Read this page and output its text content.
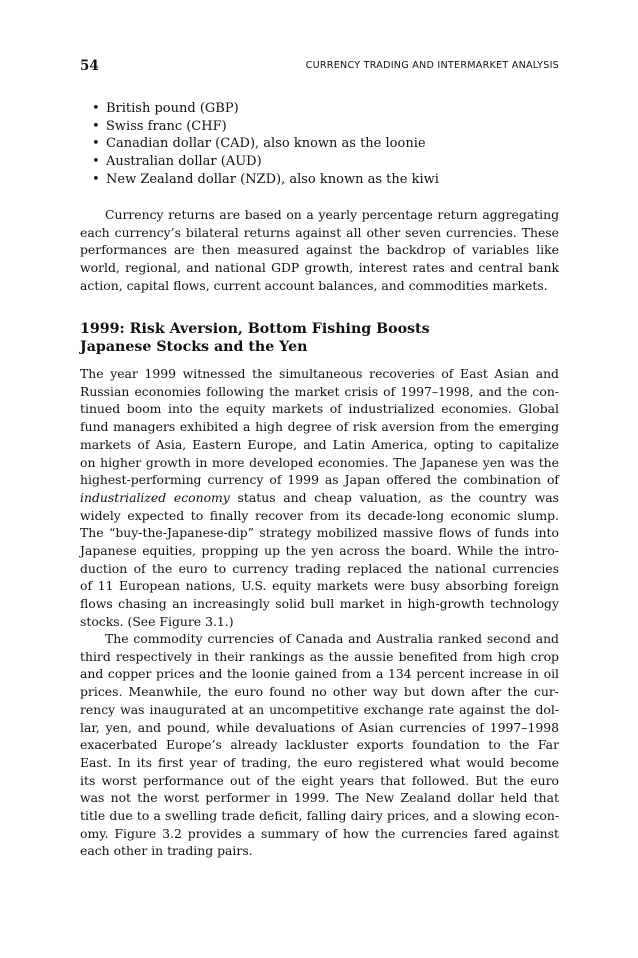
54	CURRENCY TRADING AND INTERMARKET ANALYSIS
• British pound (GBP)
• Swiss franc (CHF)
• Canadian dollar (CAD), also known as the loonie
• Australian dollar (AUD)
• New Zealand dollar (NZD), also known as the kiwi

Currency returns are based on a yearly percentage return aggregating
each currency’s bilateral returns against all other seven currencies. These
performances are then measured against the backdrop of variables like
world, regional, and national GDP growth, interest rates and central bank
action, capital flows, current account balances, and commodities markets.

1999: Risk Aversion, Bottom Fishing Boosts
Japanese Stocks and the Yen

The year 1999 witnessed the simultaneous recoveries of East Asian and
Russian economies following the market crisis of 1997–1998, and the con-
tinued boom into the equity markets of industrialized economies. Global
fund managers exhibited a high degree of risk aversion from the emerging
markets of Asia, Eastern Europe, and Latin America, opting to capitalize
on higher growth in more developed economies. The Japanese yen was the
highest-performing currency of 1999 as Japan offered the combination of
industrialized economy status and cheap valuation, as the country was
widely expected to finally recover from its decade-long economic slump.
The “buy-the-Japanese-dip” strategy mobilized massive flows of funds into
Japanese equities, propping up the yen across the board. While the intro-
duction of the euro to currency trading replaced the national currencies
of 11 European nations, U.S. equity markets were busy absorbing foreign
flows chasing an increasingly solid bull market in high-growth technology
stocks. (See Figure 3.1.)

The commodity currencies of Canada and Australia ranked second and
third respectively in their rankings as the aussie benefited from high crop
and copper prices and the loonie gained from a 134 percent increase in oil
prices. Meanwhile, the euro found no other way but down after the cur-
rency was inaugurated at an uncompetitive exchange rate against the dol-
lar, yen, and pound, while devaluations of Asian currencies of 1997–1998
exacerbated Europe’s already lackluster exports foundation to the Far
East. In its first year of trading, the euro registered what would become
its worst performance out of the eight years that followed. But the euro
was not the worst performer in 1999. The New Zealand dollar held that
title due to a swelling trade deficit, falling dairy prices, and a slowing econ-
omy. Figure 3.2 provides a summary of how the currencies fared against
each other in trading pairs.
